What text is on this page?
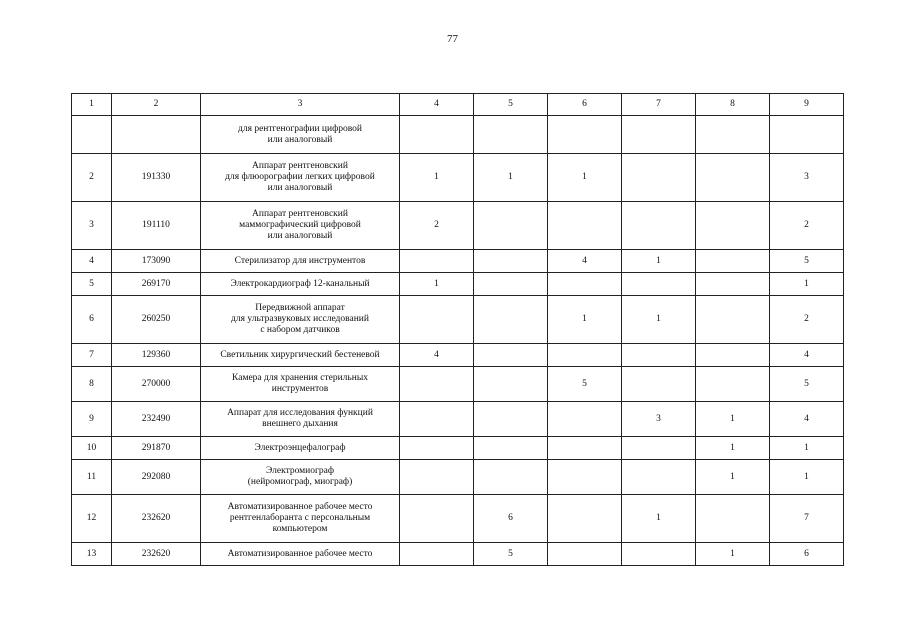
77
1	2	3	4	5	6	7	8	9
		для рентгенографии цифровой
или аналоговый						
2	191330	Аппарат рентгеновский
для флюорографии легких цифровой
или аналоговый	1	1	1			3
3	191110	Аппарат рентгеновский
маммографический цифровой
или аналоговый	2					2
4	173090	Стерилизатор для инструментов			4	1		5
5	269170	Электрокардиограф 12-канальный	1					1
6	260250	Передвижной аппарат
для ультразвуковых исследований
с набором датчиков			1	1		2
7	129360	Светильник хирургический бестеневой	4					4
8	270000	Камера для хранения стерильных
инструментов			5			5
9	232490	Аппарат для исследования функций
внешнего дыхания				3	1	4
10	291870	Электроэнцефалограф					1	1
11	292080	Электромиограф
(нейромиограф, миограф)					1	1
12	232620	Автоматизированное рабочее место
рентгенлаборанта с персональным
компьютером		6		1		7
13	232620	Автоматизированное рабочее место		5			1	6
